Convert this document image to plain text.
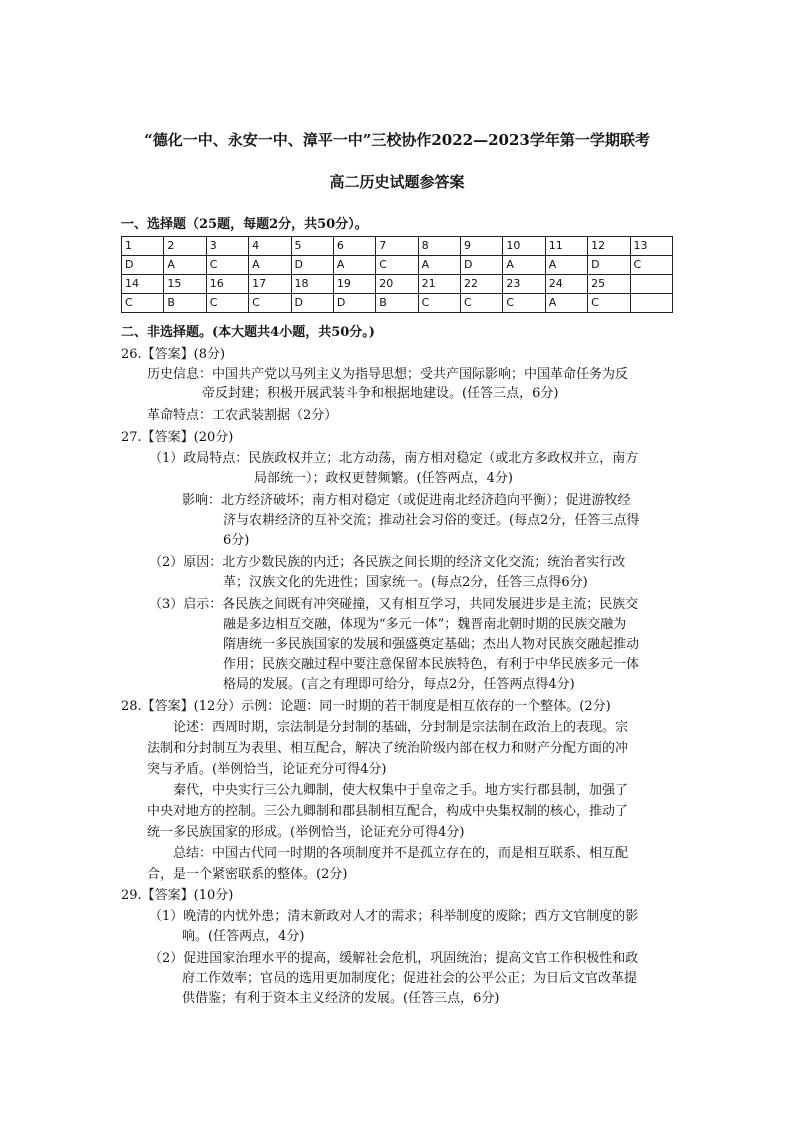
“德化一中、永安一中、漳平一中”三校协作2022—2023学年第一学期联考
高二历史试题参答案
一、选择题（25题，每题2分，共50分）。
1	2	3	4	5	6	7	8	9	10	11	12	13
D	A	C	A	D	A	C	A	D	A	A	D	C
14	15	16	17	18	19	20	21	22	23	24	25	
C	B	C	C	D	D	B	C	C	C	A	C	
二、非选择题。(本大题共4小题，共50分。)
26.【答案】(8分)
历史信息：中国共产党以马列主义为指导思想；受共产国际影响；中国革命任务为反
帝反封建；积极开展武装斗争和根据地建设。(任答三点，6分)
革命特点：工农武装割据（2分）
27.【答案】(20分)
（1）政局特点：民族政权并立；北方动荡，南方相对稳定（或北方多政权并立，南方
局部统一）；政权更替频繁。(任答两点，4分)
影响：北方经济破坏；南方相对稳定（或促进南北经济趋向平衡）；促进游牧经
济与农耕经济的互补交流；推动社会习俗的变迁。(每点2分，任答三点得
6分)
（2）原因：北方少数民族的内迁；各民族之间长期的经济文化交流；统治者实行改
革；汉族文化的先进性；国家统一。(每点2分，任答三点得6分)
（3）启示：各民族之间既有冲突碰撞，又有相互学习，共同发展进步是主流；民族交
融是多边相互交融，体现为“多元一体”；魏晋南北朝时期的民族交融为
隋唐统一多民族国家的发展和强盛奠定基础；杰出人物对民族交融起推动
作用；民族交融过程中要注意保留本民族特色，有利于中华民族多元一体
格局的发展。(言之有理即可给分，每点2分，任答两点得4分)
28.【答案】(12分）示例：论题：同一时期的若干制度是相互依存的一个整体。(2分)
论述：西周时期，宗法制是分封制的基础，分封制是宗法制在政治上的表现。宗
法制和分封制互为表里、相互配合，解决了统治阶级内部在权力和财产分配方面的冲
突与矛盾。(举例恰当，论证充分可得4分)
秦代，中央实行三公九卿制，使大权集中于皇帝之手。地方实行郡县制，加强了
中央对地方的控制。三公九卿制和郡县制相互配合，构成中央集权制的核心，推动了
统一多民族国家的形成。(举例恰当，论证充分可得4分)
总结：中国古代同一时期的各项制度并不是孤立存在的，而是相互联系、相互配
合，是一个紧密联系的整体。(2分)
29.【答案】(10分)
（1）晚清的内忧外患；清末新政对人才的需求；科举制度的废除；西方文官制度的影
响。(任答两点，4分)
（2）促进国家治理水平的提高，缓解社会危机，巩固统治；提高文官工作积极性和政
府工作效率；官员的选用更加制度化；促进社会的公平公正；为日后文官改革提
供借鉴；有利于资本主义经济的发展。(任答三点，6分)
